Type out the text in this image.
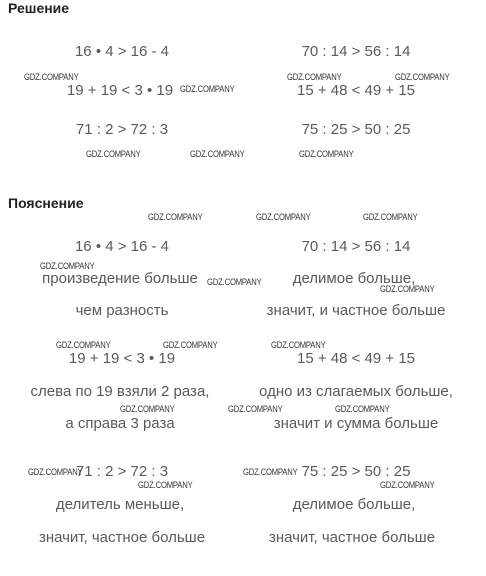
Решение
Пояснение
16 • 4 > 16 - 4	70 : 14 > 56 : 14
19 + 19 < 3 • 19	15 + 48 < 49 + 15
71 : 2 > 72 : 3	75 : 25 > 50 : 25
16 • 4 > 16 - 4	70 : 14 > 56 : 14
произведение больше	делимое больше,
чем разность	значит, и частное больше
19 + 19 < 3 • 19	15 + 48 < 49 + 15
слева по 19 взяли 2 раза,	одно из слагаемых больше,
а справа 3 раза	значит и сумма больше
71 : 2 > 72 : 3	75 : 25 > 50 : 25
делитель меньше,	делимое больше,
значит, частное больше	значит, частное больше
GDZ.COMPANY	GDZ.COMPANY	GDZ.COMPANY
GDZ.COMPANY
GDZ.COMPANY	GDZ.COMPANY	GDZ.COMPANY
GDZ.COMPANY	GDZ.COMPANY	GDZ.COMPANY
GDZ.COMPANY
GDZ.COMPANY
GDZ.COMPANY
GDZ.COMPANY	GDZ.COMPANY	GDZ.COMPANY
GDZ.COMPANY	GDZ.COMPANY	GDZ.COMPANY
GDZ.COMPANY	GDZ.COMPANY
GDZ.COMPANY	GDZ.COMPANY
